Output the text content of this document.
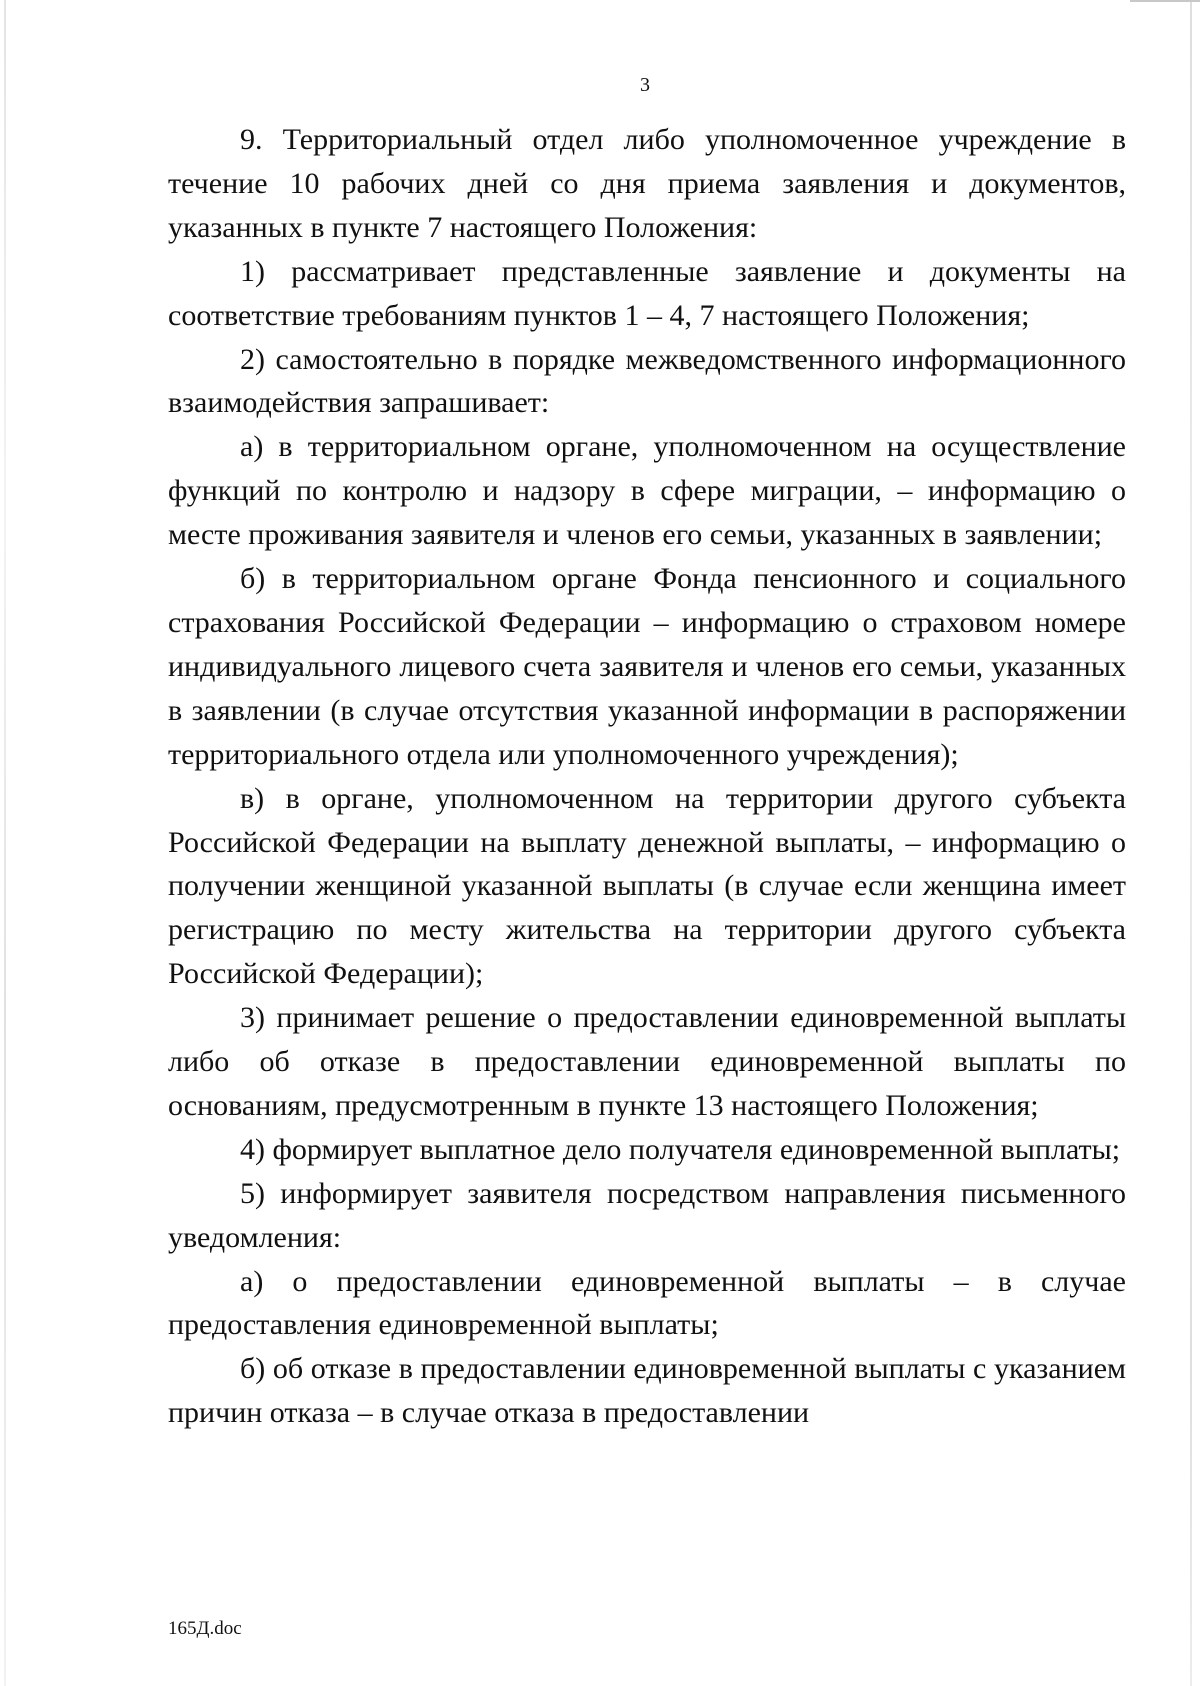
3

9. Территориальный отдел либо уполномоченное учреждение в течение 10 рабочих дней со дня приема заявления и документов, указанных в пункте 7 настоящего Положения:

1) рассматривает представленные заявление и документы на соответствие требованиям пунктов 1 – 4, 7 настоящего Положения;

2) самостоятельно в порядке межведомственного информационного взаимодействия запрашивает:

а) в территориальном органе, уполномоченном на осуществление функций по контролю и надзору в сфере миграции, – информацию о месте проживания заявителя и членов его семьи, указанных в заявлении;

б) в территориальном органе Фонда пенсионного и социального страхования Российской Федерации – информацию о страховом номере индивидуального лицевого счета заявителя и членов его семьи, указанных в заявлении (в случае отсутствия указанной информации в распоряжении территориального отдела или уполномоченного учреждения);

в) в органе, уполномоченном на территории другого субъекта Российской Федерации на выплату денежной выплаты, – информацию о получении женщиной указанной выплаты (в случае если женщина имеет регистрацию по месту жительства на территории другого субъекта Российской Федерации);

3) принимает решение о предоставлении единовременной выплаты либо об отказе в предоставлении единовременной выплаты по основаниям, предусмотренным в пункте 13 настоящего Положения;

4) формирует выплатное дело получателя единовременной выплаты;

5) информирует заявителя посредством направления письменного уведомления:

а) о предоставлении единовременной выплаты – в случае предоставления единовременной выплаты;

б) об отказе в предоставлении единовременной выплаты с указанием причин отказа – в случае отказа в предоставлении

165Д.doc
